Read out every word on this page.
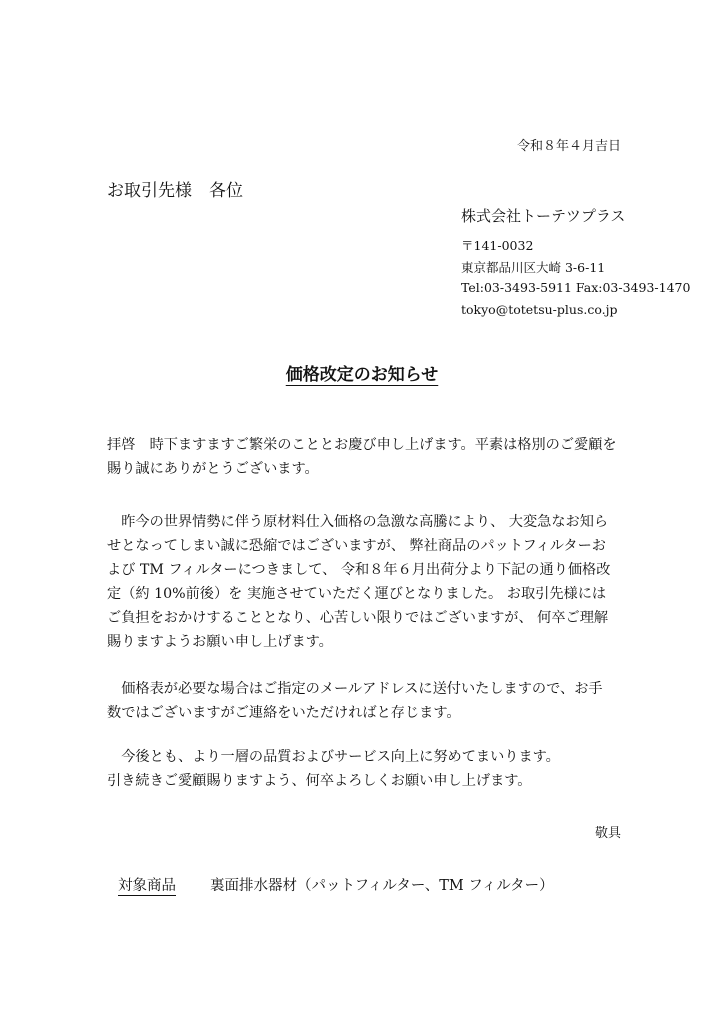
令和８年４月吉日
お取引先様　各位
株式会社トーテツプラス
〒141-0032
東京都品川区大崎 3-6-11
Tel:03-3493-5911 Fax:03-3493-1470
tokyo@totetsu-plus.co.jp
価格改定のお知らせ
拝啓　時下ますますご繁栄のこととお慶び申し上げます。平素は格別のご愛顧を
賜り誠にありがとうございます。
　昨今の世界情勢に伴う原材料仕入価格の急激な高騰により、 大変急なお知ら
せとなってしまい誠に恐縮ではございますが、 弊社商品のパットフィルターお
よび TM フィルターにつきまして、 令和８年６月出荷分より下記の通り価格改
定（約 10%前後）を 実施させていただく運びとなりました。 お取引先様には
ご負担をおかけすることとなり、心苦しい限りではございますが、 何卒ご理解
賜りますようお願い申し上げます。
　価格表が必要な場合はご指定のメールアドレスに送付いたしますので、お手
数ではございますがご連絡をいただければと存じます。
　今後とも、より一層の品質およびサービス向上に努めてまいります。
引き続きご愛顧賜りますよう、何卒よろしくお願い申し上げます。
敬具
対象商品 裏面排水器材（パットフィルター、TM フィルター）
